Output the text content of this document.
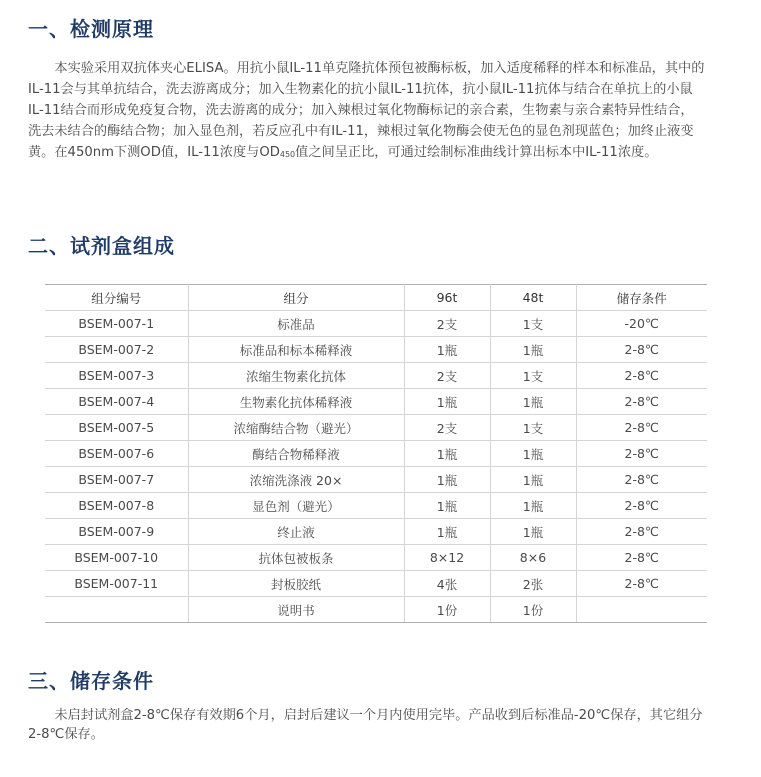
一、检测原理

本实验采用双抗体夹心ELISA。用抗小鼠IL-11单克隆抗体预包被酶标板，加入适度稀释的样本和标准品，其中的IL-11会与其单抗结合，洗去游离成分；加入生物素化的抗小鼠IL-11抗体，抗小鼠IL-11抗体与结合在单抗上的小鼠IL-11结合而形成免疫复合物，洗去游离的成分；加入辣根过氧化物酶标记的亲合素，生物素与亲合素特异性结合，洗去未结合的酶结合物；加入显色剂，若反应孔中有IL-11，辣根过氧化物酶会使无色的显色剂现蓝色；加终止液变黄。在450nm下测OD值，IL-11浓度与$OD_{450}$值之间呈正比，可通过绘制标准曲线计算出标本中IL-11浓度。

二、试剂盒组成
组分编号	组分	96t	48t	储存条件
BSEM-007-1	标准品	2支	1支	-20℃
BSEM-007-2	标准品和标本稀释液	1瓶	1瓶	2-8℃
BSEM-007-3	浓缩生物素化抗体	2支	1支	2-8℃
BSEM-007-4	生物素化抗体稀释液	1瓶	1瓶	2-8℃
BSEM-007-5	浓缩酶结合物（避光）	2支	1支	2-8℃
BSEM-007-6	酶结合物稀释液	1瓶	1瓶	2-8℃
BSEM-007-7	浓缩洗涤液 20×	1瓶	1瓶	2-8℃
BSEM-007-8	显色剂（避光）	1瓶	1瓶	2-8℃
BSEM-007-9	终止液	1瓶	1瓶	2-8℃
BSEM-007-10	抗体包被板条	8×12	8×6	2-8℃
BSEM-007-11	封板胶纸	4张	2张	2-8℃
	说明书	1份	1份	
三、储存条件

未启封试剂盒2-8℃保存有效期6个月，启封后建议一个月内使用完毕。产品收到后标准品-20℃保存，其它组分2-8℃保存。
